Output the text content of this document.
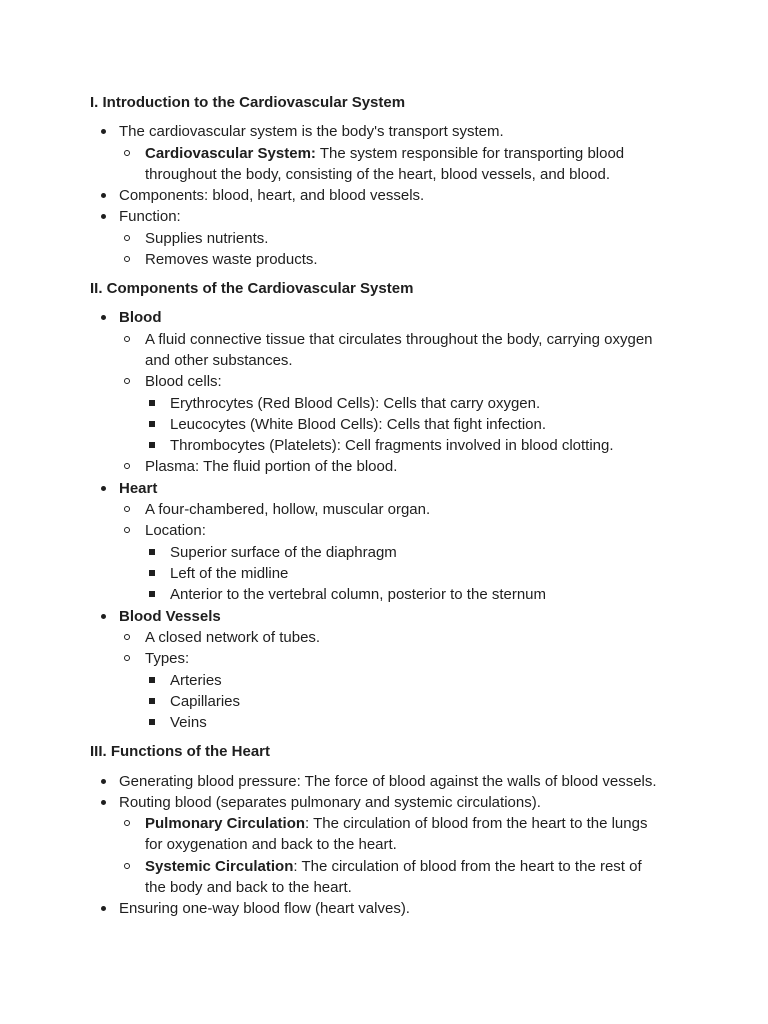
I. Introduction to the Cardiovascular System
The cardiovascular system is the body's transport system.
Cardiovascular System: The system responsible for transporting blood
throughout the body, consisting of the heart, blood vessels, and blood.
Components: blood, heart, and blood vessels.
Function:
Supplies nutrients.
Removes waste products.
II. Components of the Cardiovascular System
Blood
A fluid connective tissue that circulates throughout the body, carrying oxygen
and other substances.
Blood cells:
Erythrocytes (Red Blood Cells): Cells that carry oxygen.
Leucocytes (White Blood Cells): Cells that fight infection.
Thrombocytes (Platelets): Cell fragments involved in blood clotting.
Plasma: The fluid portion of the blood.
Heart
A four-chambered, hollow, muscular organ.
Location:
Superior surface of the diaphragm
Left of the midline
Anterior to the vertebral column, posterior to the sternum
Blood Vessels
A closed network of tubes.
Types:
Arteries
Capillaries
Veins
III. Functions of the Heart
Generating blood pressure: The force of blood against the walls of blood vessels.
Routing blood (separates pulmonary and systemic circulations).
Pulmonary Circulation: The circulation of blood from the heart to the lungs
for oxygenation and back to the heart.
Systemic Circulation: The circulation of blood from the heart to the rest of
the body and back to the heart.
Ensuring one-way blood flow (heart valves).
